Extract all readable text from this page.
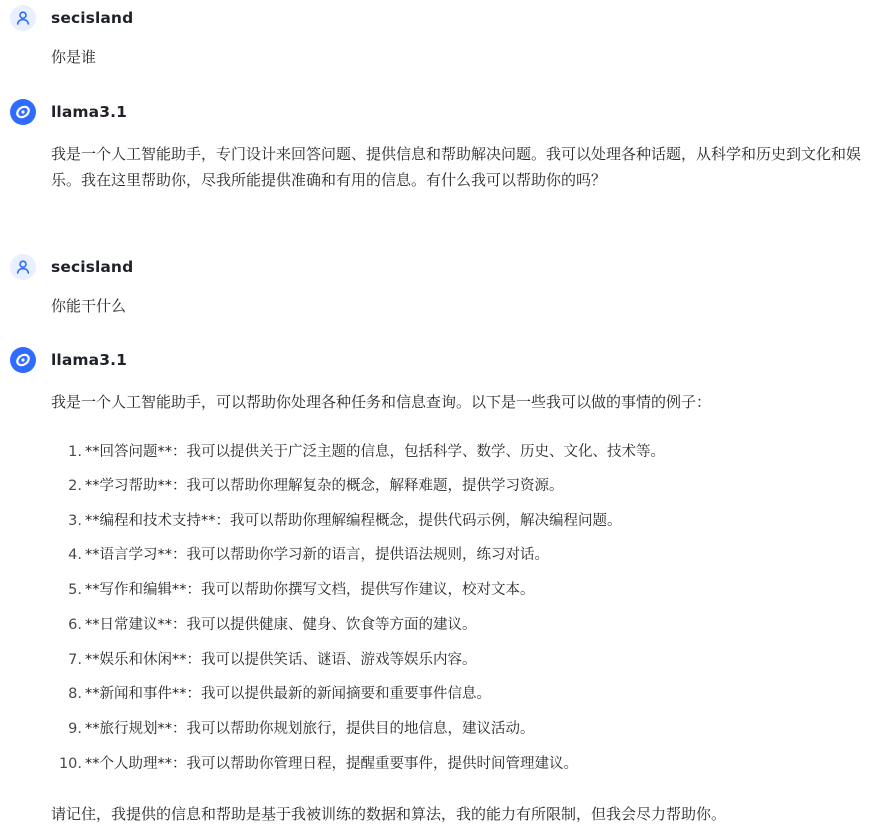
secisland
你是谁
llama3.1
我是一个人工智能助手，专门设计来回答问题、提供信息和帮助解决问题。我可以处理各种话题，从科学和历史到文化和娱乐。我在这里帮助你，尽我所能提供准确和有用的信息。有什么我可以帮助你的吗？
secisland
你能干什么
llama3.1
我是一个人工智能助手，可以帮助你处理各种任务和信息查询。以下是一些我可以做的事情的例子：
1. **回答问题**：我可以提供关于广泛主题的信息，包括科学、数学、历史、文化、技术等。
2. **学习帮助**：我可以帮助你理解复杂的概念，解释难题，提供学习资源。
3. **编程和技术支持**：我可以帮助你理解编程概念，提供代码示例，解决编程问题。
4. **语言学习**：我可以帮助你学习新的语言，提供语法规则，练习对话。
5. **写作和编辑**：我可以帮助你撰写文档，提供写作建议，校对文本。
6. **日常建议**：我可以提供健康、健身、饮食等方面的建议。
7. **娱乐和休闲**：我可以提供笑话、谜语、游戏等娱乐内容。
8. **新闻和事件**：我可以提供最新的新闻摘要和重要事件信息。
9. **旅行规划**：我可以帮助你规划旅行，提供目的地信息，建议活动。
10. **个人助理**：我可以帮助你管理日程，提醒重要事件，提供时间管理建议。
请记住，我提供的信息和帮助是基于我被训练的数据和算法，我的能力有所限制，但我会尽力帮助你。
